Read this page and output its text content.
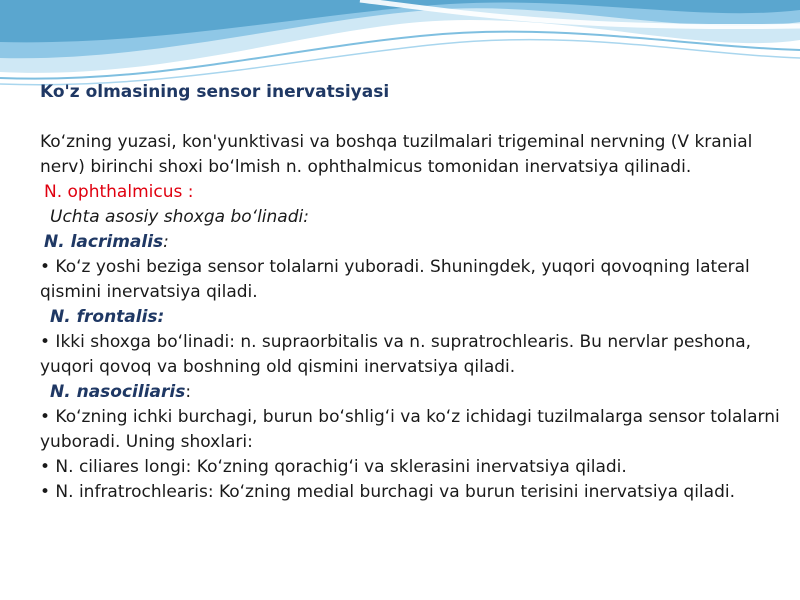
Ko'z olmasining sensor inervatsiyasi

Koʻzning yuzasi, kon'yunktivasi va boshqa tuzilmalari trigeminal nervning (V kranial nerv) birinchi shoxi boʻlmish n. ophthalmicus tomonidan inervatsiya qilinadi.

N. ophthalmicus :

Uchta asosiy shoxga boʻlinadi:

N. lacrimalis:

• Koʻz yoshi beziga sensor tolalarni yuboradi. Shuningdek, yuqori qovoqning lateral qismini inervatsiya qiladi.

N. frontalis:

• Ikki shoxga boʻlinadi: n. supraorbitalis va n. supratrochlearis. Bu nervlar peshona, yuqori qovoq va boshning old qismini inervatsiya qiladi.

N. nasociliaris:

• Koʻzning ichki burchagi, burun boʻshligʻi va koʻz ichidagi tuzilmalarga sensor tolalarni yuboradi. Uning shoxlari:

• N. ciliares longi: Koʻzning qorachigʻi va sklerasini inervatsiya qiladi.

• N. infratrochlearis: Koʻzning medial burchagi va burun terisini inervatsiya qiladi.
